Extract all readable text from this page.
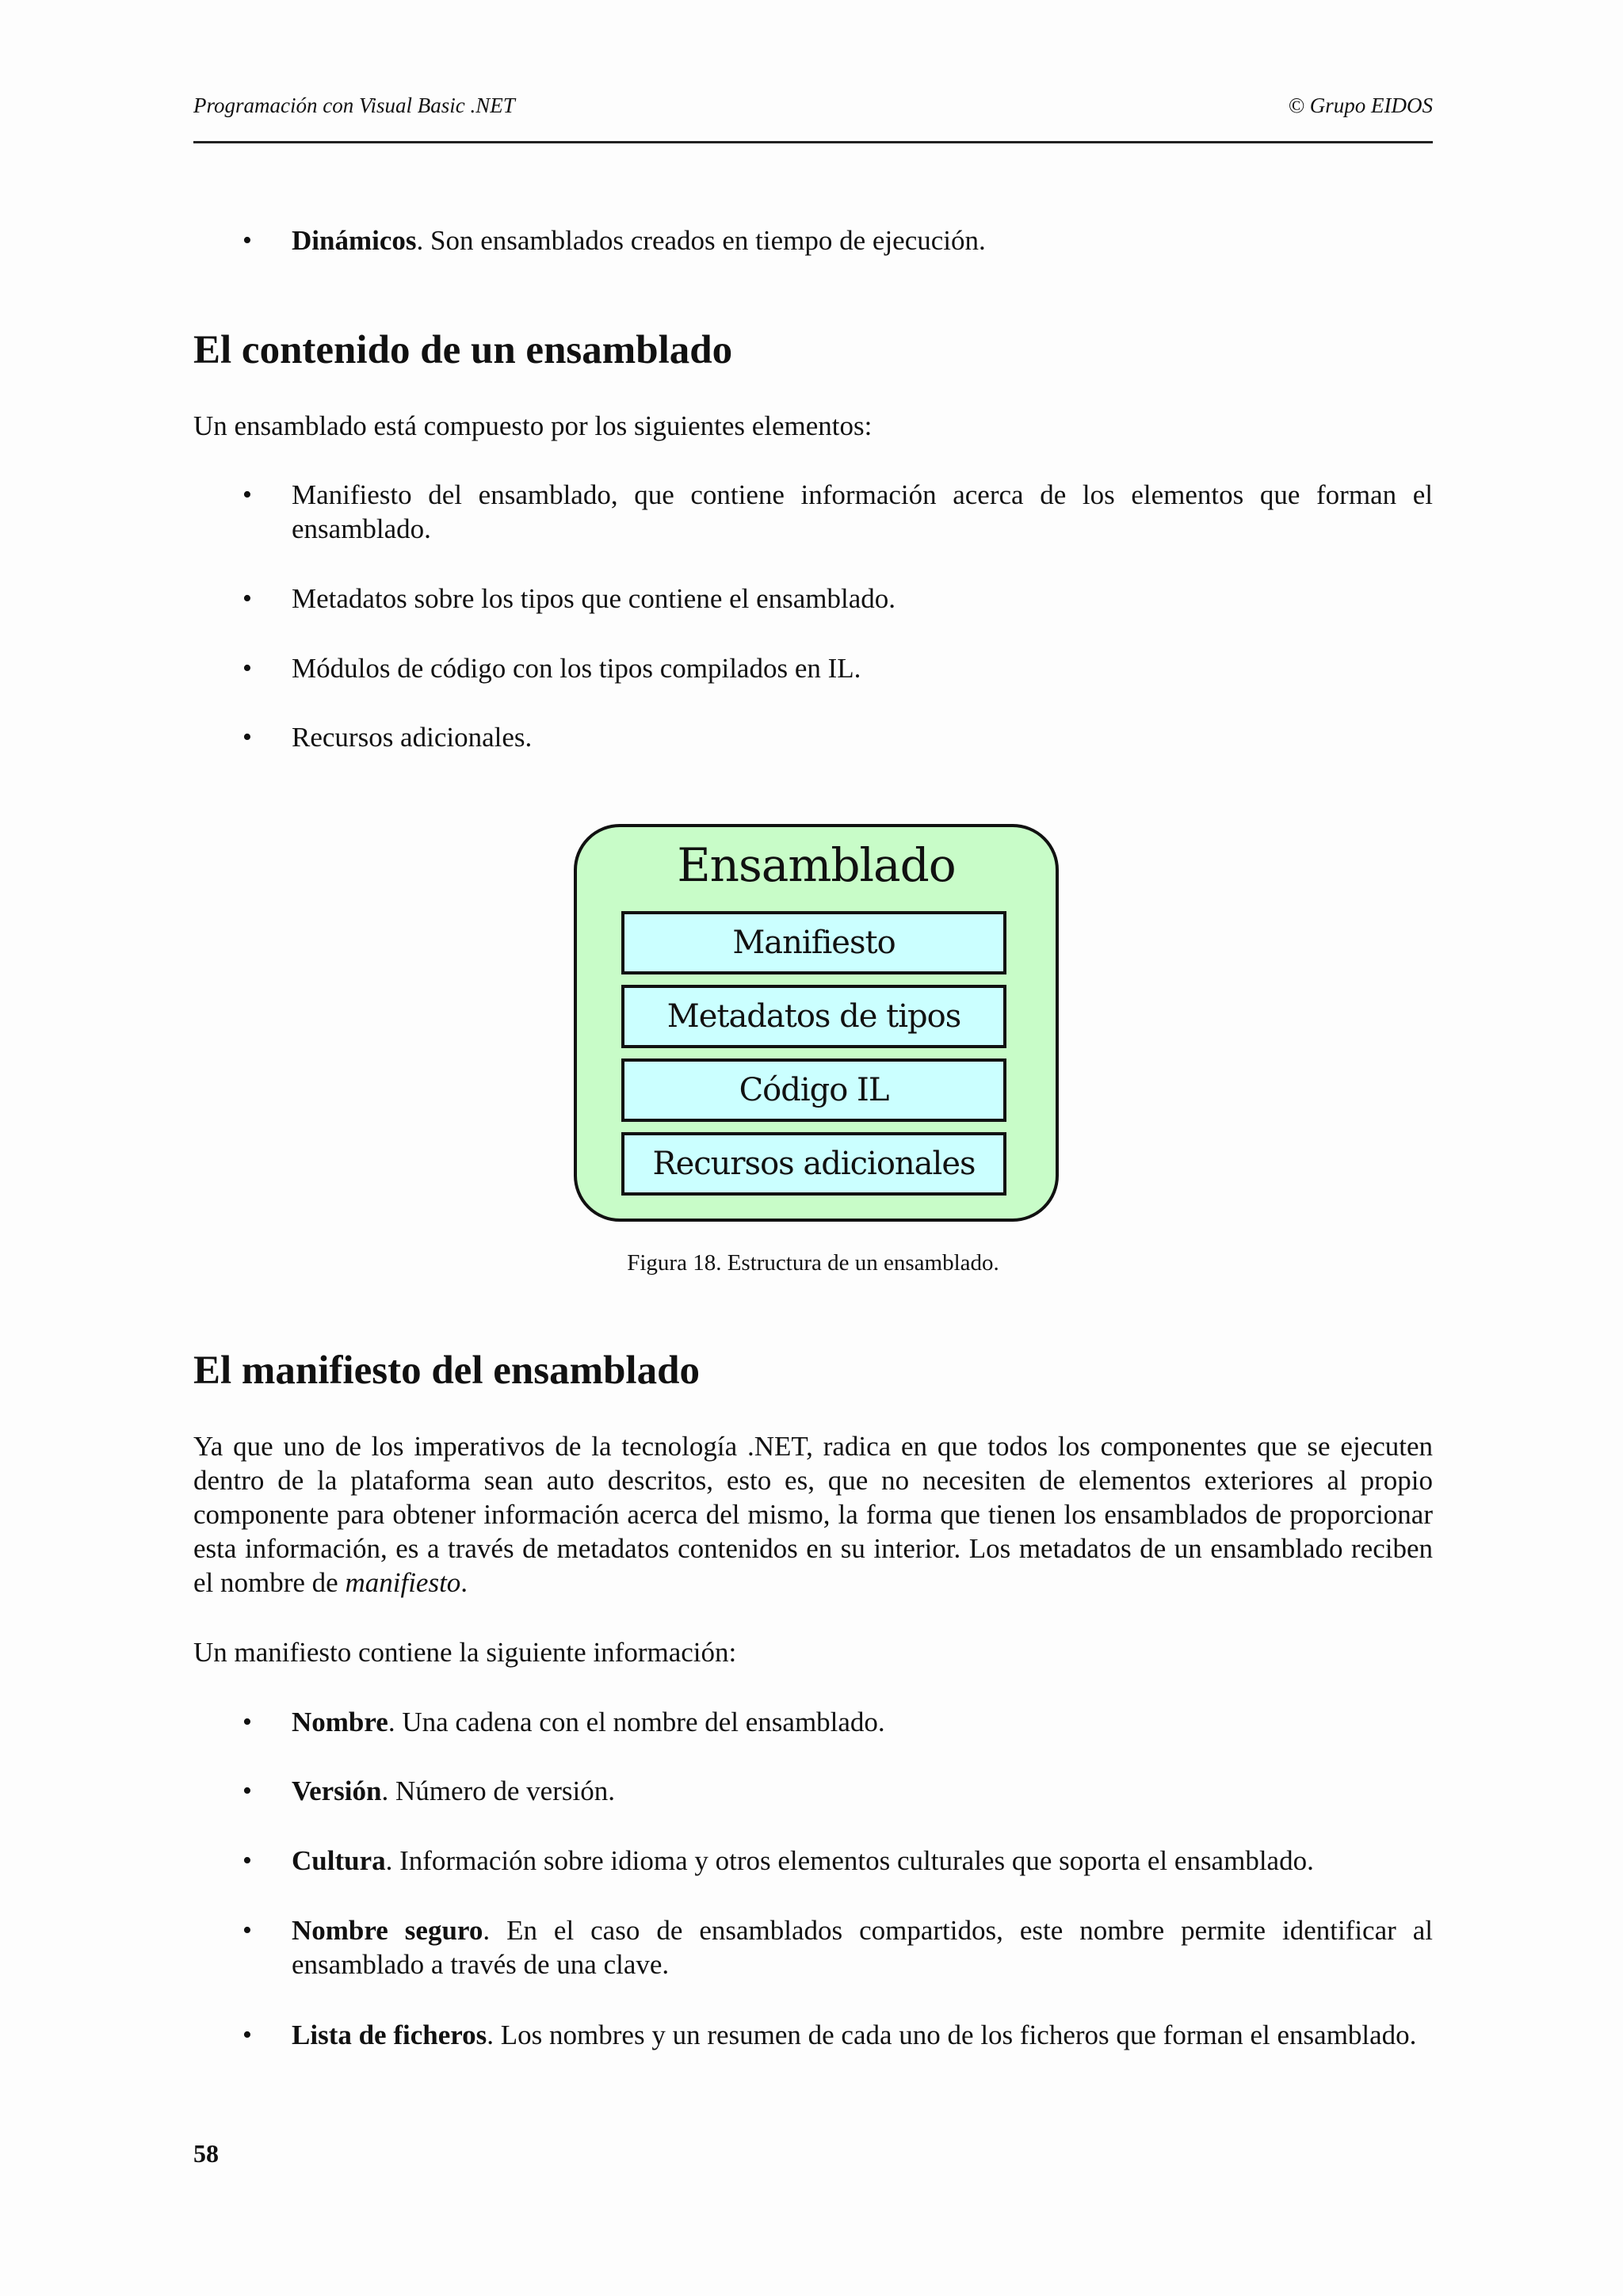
Programación con Visual Basic .NET	© Grupo EIDOS
• Dinámicos. Son ensamblados creados en tiempo de ejecución.
El contenido de un ensamblado

Un ensamblado está compuesto por los siguientes elementos:

• Manifiesto del ensamblado, que contiene información acerca de los elementos que forman el ensamblado.
• Metadatos sobre los tipos que contiene el ensamblado.
• Módulos de código con los tipos compilados en IL.
• Recursos adicionales.
Ensamblado
Manifiesto
Metadatos de tipos
Código IL
Recursos adicionales
Figura 18. Estructura de un ensamblado.
El manifiesto del ensamblado

Ya que uno de los imperativos de la tecnología .NET, radica en que todos los componentes que se ejecuten dentro de la plataforma sean auto descritos, esto es, que no necesiten de elementos exteriores al propio componente para obtener información acerca del mismo, la forma que tienen los ensamblados de proporcionar esta información, es a través de metadatos contenidos en su interior. Los metadatos de un ensamblado reciben el nombre de manifiesto.

Un manifiesto contiene la siguiente información:

• Nombre. Una cadena con el nombre del ensamblado.
• Versión. Número de versión.
• Cultura. Información sobre idioma y otros elementos culturales que soporta el ensamblado.
• Nombre seguro. En el caso de ensamblados compartidos, este nombre permite identificar al ensamblado a través de una clave.
• Lista de ficheros. Los nombres y un resumen de cada uno de los ficheros que forman el ensamblado.
58
